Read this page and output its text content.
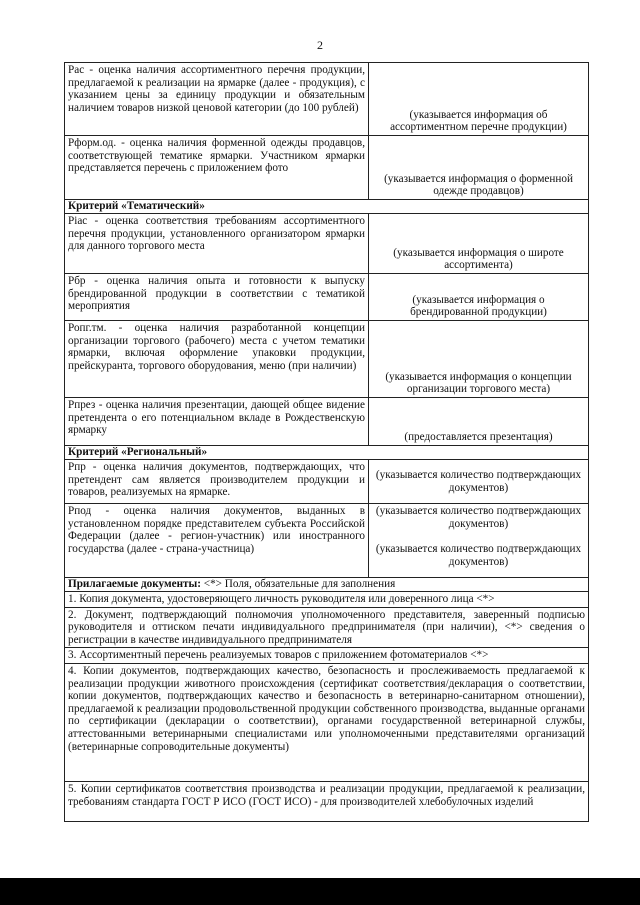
2
Рас - оценка наличия ассортиментного перечня продукции, предлагаемой к реализации на ярмарке (далее - продукция), с указанием цены за единицу продукции и обязательным наличием товаров низкой ценовой категории (до 100 рублей)	(указывается информация об ассортиментном перечне продукции)
Рформ.од. - оценка наличия форменной одежды продавцов, соответствующей тематике ярмарки. Участником ярмарки представляется перечень с приложением фото	(указывается информация о форменной одежде продавцов)
Критерий «Тематический»	
Pіас - оценка соответствия требованиям ассортиментного перечня продукции, установленного организатором ярмарки для данного торгового места	(указывается информация о широте ассортимента)
Рбр - оценка наличия опыта и готовности к выпуску брендированной продукции в соответствии с тематикой мероприятия	(указывается информация о брендированной продукции)
Ропг.тм. - оценка наличия разработанной концепции организации торгового (рабочего) места с учетом тематики ярмарки, включая оформление упаковки продукции, прейскуранта, торгового оборудования, меню (при наличии)	(указывается информация о концепции организации торгового места)
Рпрез - оценка наличия презентации, дающей общее видение претендента о его потенциальном вкладе в Рождественскую ярмарку	(предоставляется презентация)
Критерий «Региональный»	
Рпр - оценка наличия документов, подтверждающих, что претендент сам является производителем продукции и товаров, реализуемых на ярмарке.	(указывается количество подтверждающих документов)
Рпод - оценка наличия документов, выданных в установленном порядке представителем субъекта Российской Федерации (далее - регион-участник) или иностранного государства (далее - страна-участница)	(указывается количество подтверждающих документов)
(указывается количество подтверждающих документов)

Прилагаемые документы: <*> Поля, обязательные для заполнения	
1. Копия документа, удостоверяющего личность руководителя или доверенного лица <*>	
2. Документ, подтверждающий полномочия уполномоченного представителя, заверенный подписью руководителя и оттиском печати индивидуального предпринимателя (при наличии), <*> сведения о регистрации в качестве индивидуального предпринимателя	
3. Ассортиментный перечень реализуемых товаров с приложением фотоматериалов <*>	
4. Копии документов, подтверждающих качество, безопасность и прослеживаемость предлагаемой к реализации продукции животного происхождения (сертификат соответствия/декларация о соответствии, копии документов, подтверждающих качество и безопасность в ветеринарно-санитарном отношении), предлагаемой к реализации продовольственной продукции собственного производства, выданные органами по сертификации (декларации о соответствии), органами государственной ветеринарной службы, аттестованными ветеринарными специалистами или уполномоченными представителями организаций (ветеринарные сопроводительные документы)	
5. Копии сертификатов соответствия производства и реализации продукции, предлагаемой к реализации, требованиям стандарта ГОСТ Р ИСО (ГОСТ ИСО) - для производителей хлебобулочных изделий	
